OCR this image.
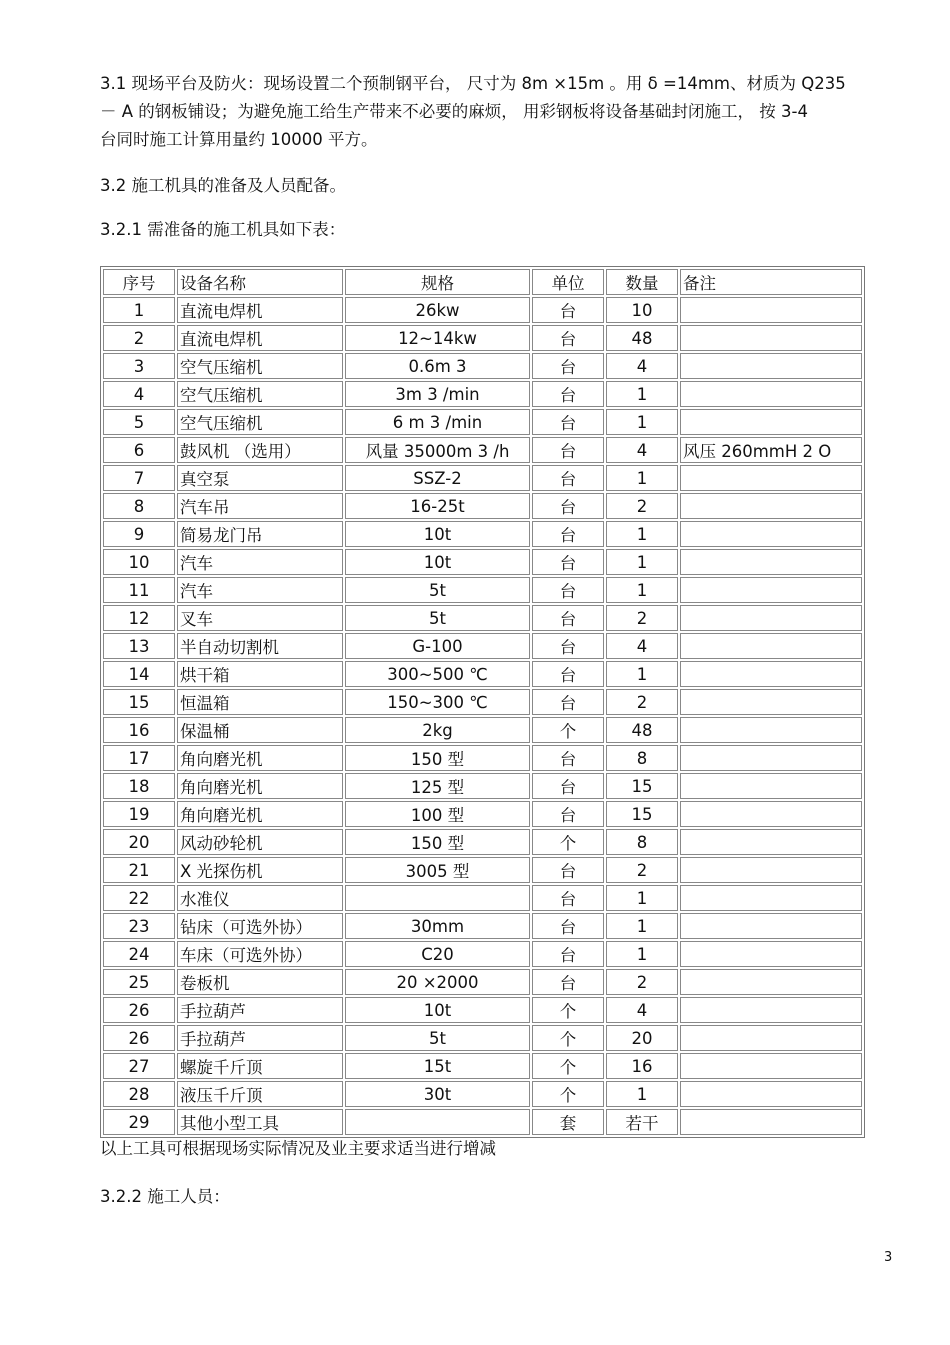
3.1 现场平台及防火：现场设置二个预制钢平台， 尺寸为 8m ×15m 。用 δ =14mm、材质为 Q235
－ A 的钢板铺设；为避免施工给生产带来不必要的麻烦， 用彩钢板将设备基础封闭施工， 按 3-4
台同时施工计算用量约 10000 平方。
3.2 施工机具的准备及人员配备。
3.2.1 需准备的施工机具如下表：
序号	设备名称	规格	单位	数量	备注
1	直流电焊机	26kw	台	10	
2	直流电焊机	12~14kw	台	48	
3	空气压缩机	0.6m 3	台	4	
4	空气压缩机	3m 3 /min	台	1	
5	空气压缩机	6 m 3 /min	台	1	
6	鼓风机 （选用）	风量 35000m 3 /h	台	4	风压 260mmH 2 O
7	真空泵	SSZ-2	台	1	
8	汽车吊	16-25t	台	2	
9	简易龙门吊	10t	台	1	
10	汽车	10t	台	1	
11	汽车	5t	台	1	
12	叉车	5t	台	2	
13	半自动切割机	G-100	台	4	
14	烘干箱	300~500 ℃	台	1	
15	恒温箱	150~300 ℃	台	2	
16	保温桶	2kg	个	48	
17	角向磨光机	150 型	台	8	
18	角向磨光机	125 型	台	15	
19	角向磨光机	100 型	台	15	
20	风动砂轮机	150 型	个	8	
21	X 光探伤机	3005 型	台	2	
22	水准仪		台	1	
23	钻床（可选外协）	30mm	台	1	
24	车床（可选外协）	C20	台	1	
25	卷板机	20 ×2000	台	2	
26	手拉葫芦	10t	个	4	
26	手拉葫芦	5t	个	20	
27	螺旋千斤顶	15t	个	16	
28	液压千斤顶	30t	个	1	
29	其他小型工具		套	若干	
以上工具可根据现场实际情况及业主要求适当进行增减
3.2.2 施工人员：
3
